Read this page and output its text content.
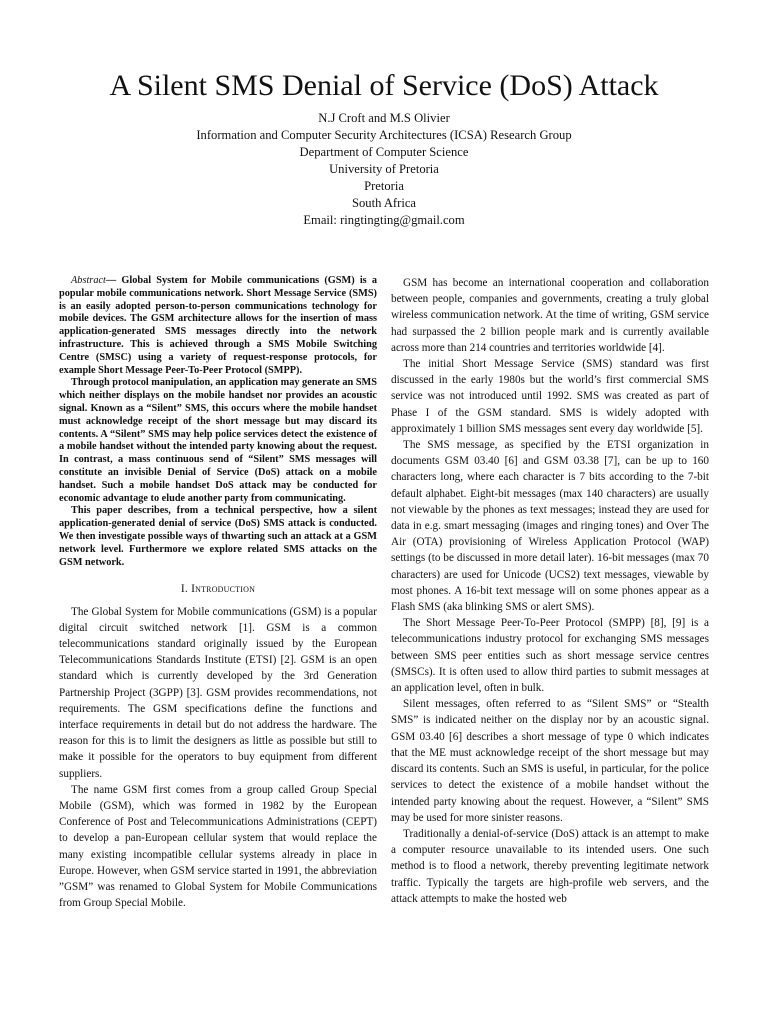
A Silent SMS Denial of Service (DoS) Attack
N.J Croft and M.S Olivier
Information and Computer Security Architectures (ICSA) Research Group
Department of Computer Science
University of Pretoria
Pretoria
South Africa
Email: ringtingting@gmail.com

Abstract— Global System for Mobile communications (GSM) is a popular mobile communications network. Short Message Service (SMS) is an easily adopted person-to-person communications technology for mobile devices. The GSM architecture allows for the insertion of mass application-generated SMS messages directly into the network infrastructure. This is achieved through a SMS Mobile Switching Centre (SMSC) using a variety of request-response protocols, for example Short Message Peer-To-Peer Protocol (SMPP).

Through protocol manipulation, an application may generate an SMS which neither displays on the mobile handset nor provides an acoustic signal. Known as a “Silent” SMS, this occurs where the mobile handset must acknowledge receipt of the short message but may discard its contents. A “Silent” SMS may help police services detect the existence of a mobile handset without the intended party knowing about the request. In contrast, a mass continuous send of “Silent” SMS messages will constitute an invisible Denial of Service (DoS) attack on a mobile handset. Such a mobile handset DoS attack may be conducted for economic advantage to elude another party from communicating.

This paper describes, from a technical perspective, how a silent application-generated denial of service (DoS) SMS attack is conducted. We then investigate possible ways of thwarting such an attack at a GSM network level. Furthermore we explore related SMS attacks on the GSM network.

I. Introduction

The Global System for Mobile communications (GSM) is a popular digital circuit switched network [1]. GSM is a common telecommunications standard originally issued by the European Telecommunications Standards Institute (ETSI) [2]. GSM is an open standard which is currently developed by the 3rd Generation Partnership Project (3GPP) [3]. GSM provides recommendations, not requirements. The GSM specifications define the functions and interface requirements in detail but do not address the hardware. The reason for this is to limit the designers as little as possible but still to make it possible for the operators to buy equipment from different suppliers.

The name GSM first comes from a group called Group Special Mobile (GSM), which was formed in 1982 by the European Conference of Post and Telecommunications Administrations (CEPT) to develop a pan-European cellular system that would replace the many existing incompatible cellular systems already in place in Europe. However, when GSM service started in 1991, the abbreviation ”GSM” was renamed to Global System for Mobile Communications from Group Special Mobile.

GSM has become an international cooperation and collaboration between people, companies and governments, creating a truly global wireless communication network. At the time of writing, GSM service had surpassed the 2 billion people mark and is currently available across more than 214 countries and territories worldwide [4].

The initial Short Message Service (SMS) standard was first discussed in the early 1980s but the world’s first commercial SMS service was not introduced until 1992. SMS was created as part of Phase I of the GSM standard. SMS is widely adopted with approximately 1 billion SMS messages sent every day worldwide [5].

The SMS message, as specified by the ETSI organization in documents GSM 03.40 [6] and GSM 03.38 [7], can be up to 160 characters long, where each character is 7 bits according to the 7-bit default alphabet. Eight-bit messages (max 140 characters) are usually not viewable by the phones as text messages; instead they are used for data in e.g. smart messaging (images and ringing tones) and Over The Air (OTA) provisioning of Wireless Application Protocol (WAP) settings (to be discussed in more detail later). 16-bit messages (max 70 characters) are used for Unicode (UCS2) text messages, viewable by most phones. A 16-bit text message will on some phones appear as a Flash SMS (aka blinking SMS or alert SMS).

The Short Message Peer-To-Peer Protocol (SMPP) [8], [9] is a telecommunications industry protocol for exchanging SMS messages between SMS peer entities such as short message service centres (SMSCs). It is often used to allow third parties to submit messages at an application level, often in bulk.

Silent messages, often referred to as “Silent SMS” or “Stealth SMS” is indicated neither on the display nor by an acoustic signal. GSM 03.40 [6] describes a short message of type 0 which indicates that the ME must acknowledge receipt of the short message but may discard its contents. Such an SMS is useful, in particular, for the police services to detect the existence of a mobile handset without the intended party knowing about the request. However, a “Silent” SMS may be used for more sinister reasons.

Traditionally a denial-of-service (DoS) attack is an attempt to make a computer resource unavailable to its intended users. One such method is to flood a network, thereby preventing legitimate network traffic. Typically the targets are high-profile web servers, and the attack attempts to make the hosted web
